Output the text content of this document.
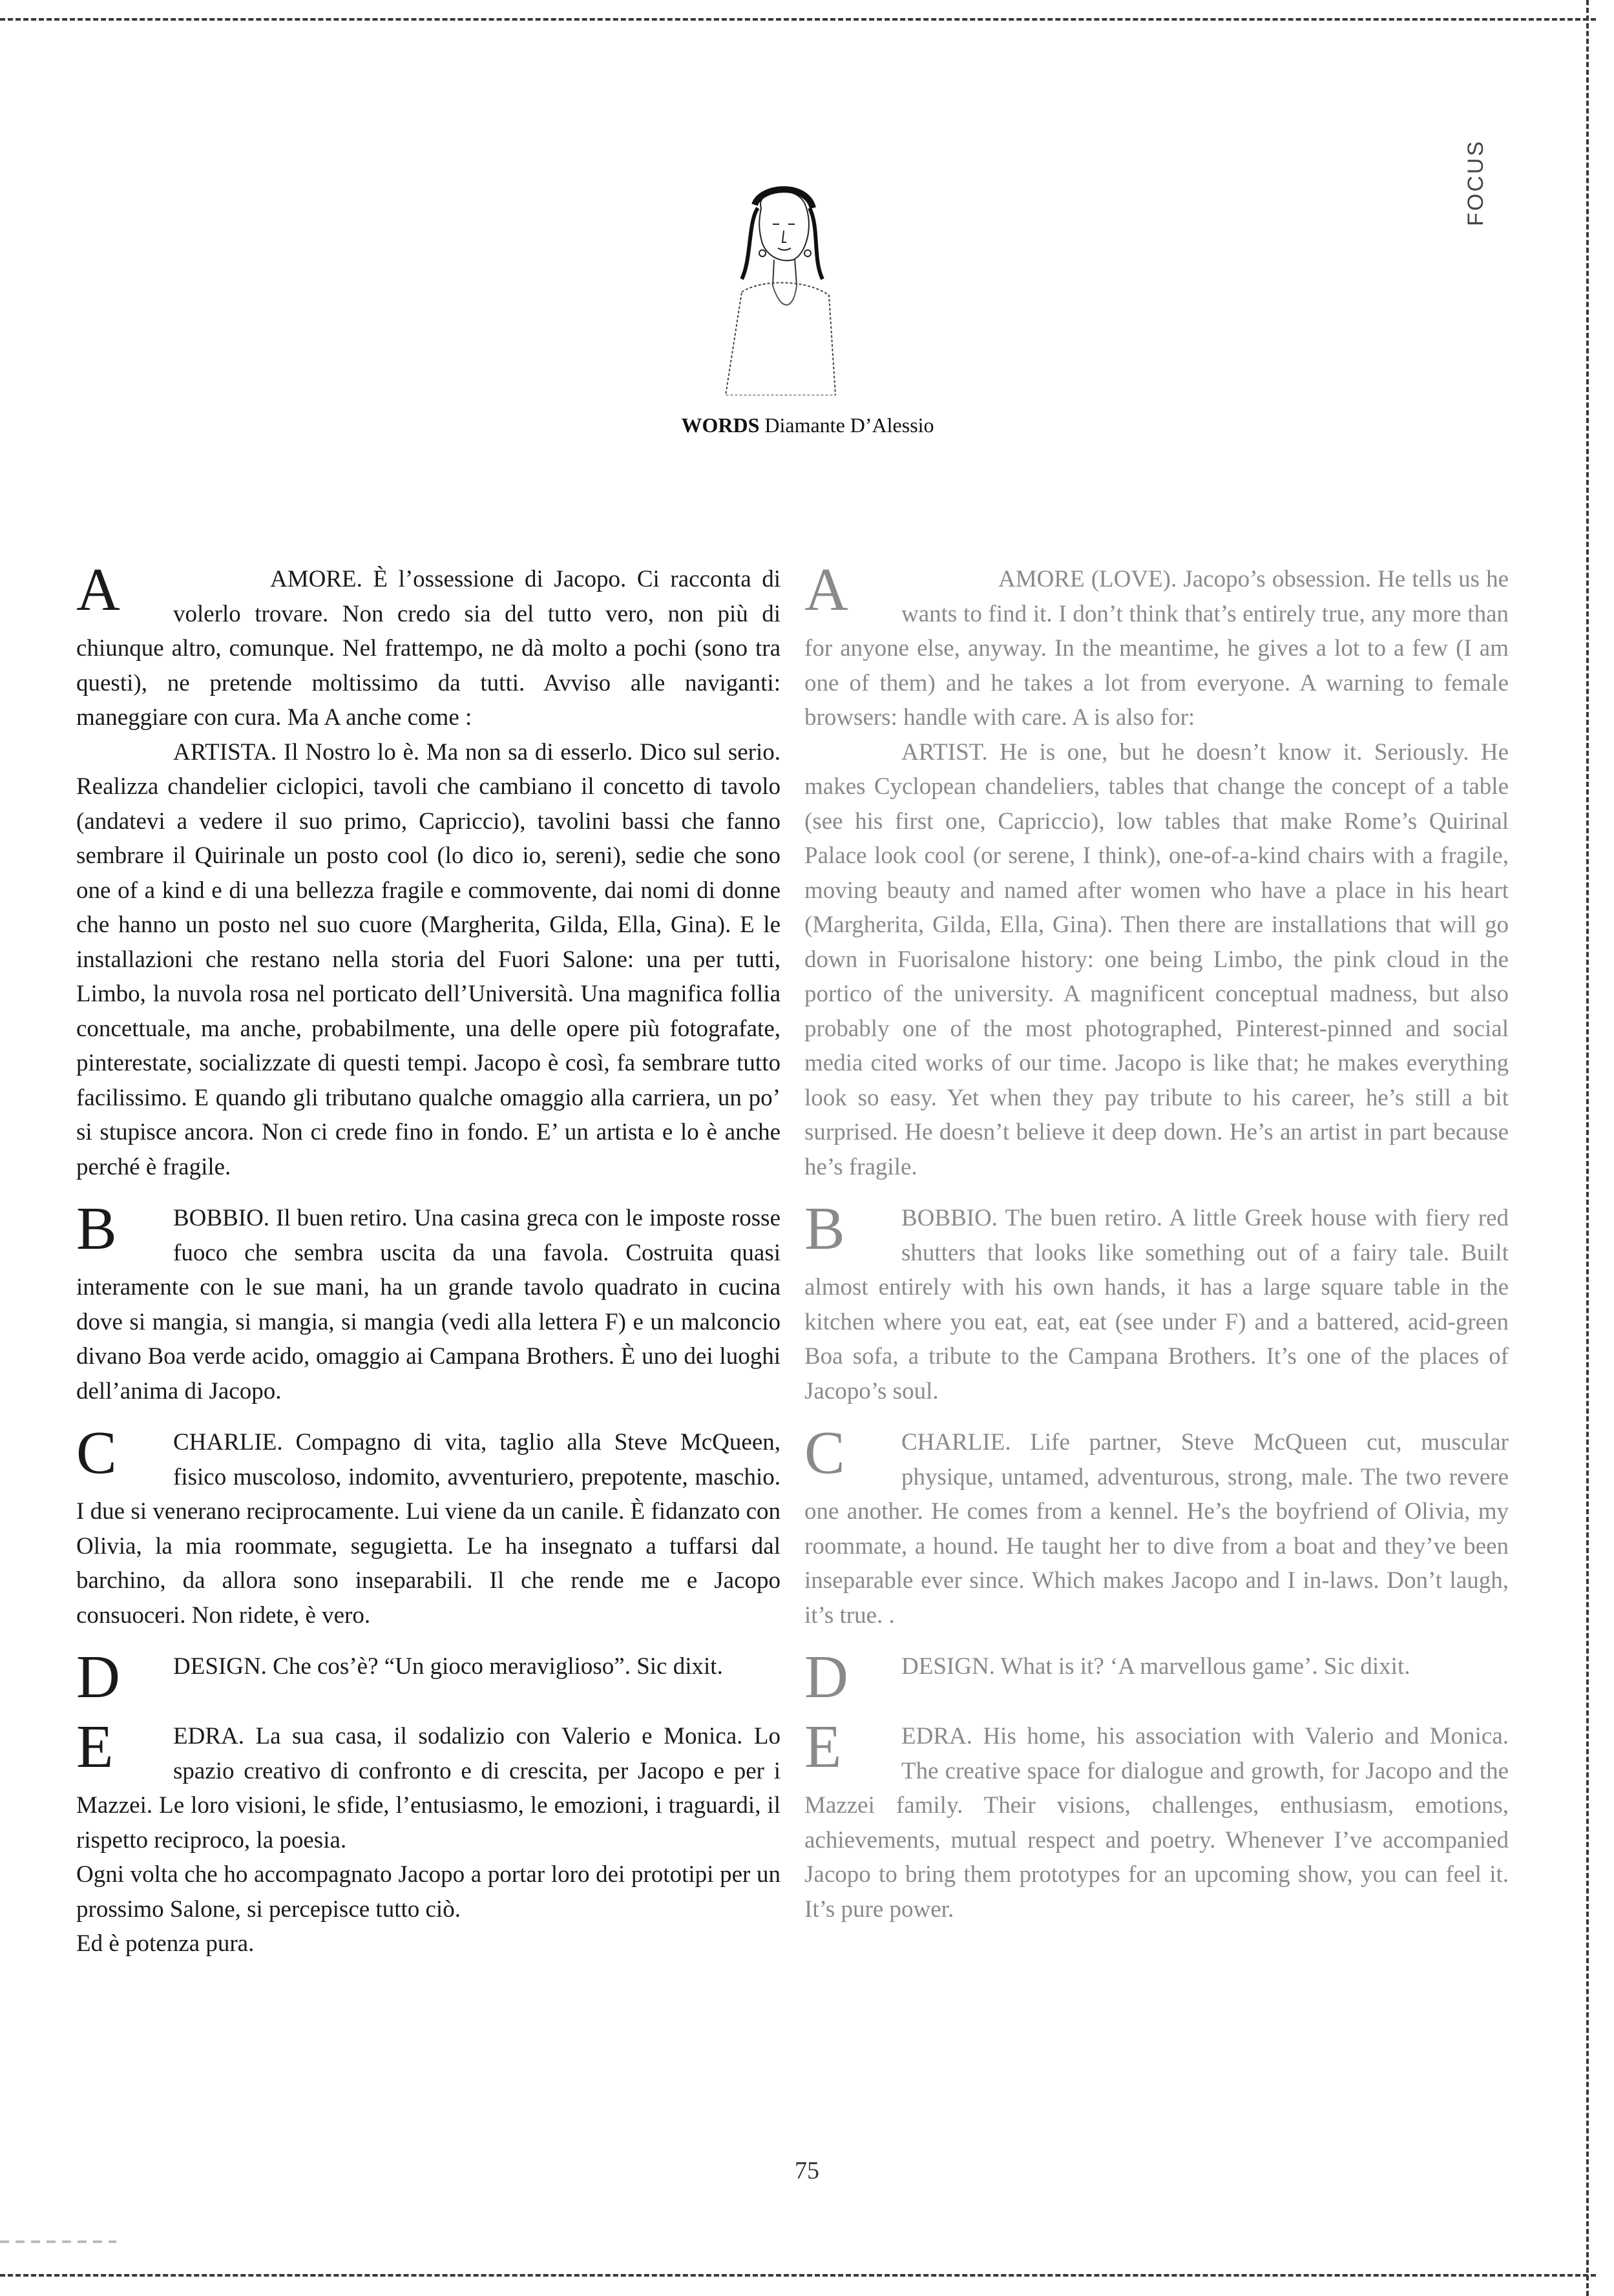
FOCUS
WORDS Diamante D’Alessio
A	AMORE. È l’ossessione di Jacopo. Ci racconta di volerlo trovare. Non credo sia del tutto vero, non più di chiunque altro, comunque. Nel frattempo, ne dà molto a pochi (sono tra questi), ne pretende moltissimo da tutti. Avviso alle naviganti: maneggiare con cura. Ma A anche come :

ARTISTA. Il Nostro lo è. Ma non sa di esserlo. Dico sul serio. Realizza chandelier ciclopici, tavoli che cambiano il concetto di tavolo (andatevi a vedere il suo primo, Capriccio), tavolini bassi che fanno sembrare il Quirinale un posto cool (lo dico io, sereni), sedie che sono one of a kind e di una bellezza fragile e commovente, dai nomi di donne che hanno un posto nel suo cuore (Margherita, Gilda, Ella, Gina). E le installazioni che restano nella storia del Fuori Salone: una per tutti, Limbo, la nuvola rosa nel porticato dell’Università. Una magnifica follia concettuale, ma anche, probabilmente, una delle opere più fotografate, pinterestate, socializzate di questi tempi. Jacopo è così, fa sembrare tutto facilissimo. E quando gli tributano qualche omaggio alla carriera, un po’ si stupisce ancora. Non ci crede fino in fondo. E’ un artista e lo è anche perché è fragile.

B	BOBBIO. Il buen retiro. Una casina greca con le imposte rosse fuoco che sembra uscita da una favola. Costruita quasi interamente con le sue mani, ha un grande tavolo quadrato in cucina dove si mangia, si mangia, si mangia (vedi alla lettera F) e un malconcio divano Boa verde acido, omaggio ai Campana Brothers. È uno dei luoghi dell’anima di Jacopo.

C	CHARLIE. Compagno di vita, taglio alla Steve McQueen, fisico muscoloso, indomito, avventuriero, prepotente, maschio. I due si venerano reciprocamente. Lui viene da un canile. È fidanzato con Olivia, la mia roommate, segugietta. Le ha insegnato a tuffarsi dal barchino, da allora sono inseparabili. Il che rende me e Jacopo consuoceri. Non ridete, è vero.

D	DESIGN. Che cos’è? “Un gioco meraviglioso”. Sic dixit.

E	EDRA. La sua casa, il sodalizio con Valerio e Monica. Lo spazio creativo di confronto e di crescita, per Jacopo e per i Mazzei. Le loro visioni, le sfide, l’entusiasmo, le emozioni, i traguardi, il rispetto reciproco, la poesia.

Ogni volta che ho accompagnato Jacopo a portar loro dei prototipi per un prossimo Salone, si percepisce tutto ciò.

Ed è potenza pura.

A	AMORE (LOVE). Jacopo’s obsession. He tells us he wants to find it. I don’t think that’s entirely true, any more than for anyone else, anyway. In the meantime, he gives a lot to a few (I am one of them) and he takes a lot from everyone. A warning to female browsers: handle with care. A is also for:

ARTIST. He is one, but he doesn’t know it. Seriously. He makes Cyclopean chandeliers, tables that change the concept of a table (see his first one, Capriccio), low tables that make Rome’s Quirinal Palace look cool (or serene, I think), one-of-a-kind chairs with a fragile, moving beauty and named after women who have a place in his heart (Margherita, Gilda, Ella, Gina). Then there are installations that will go down in Fuorisalone history: one being Limbo, the pink cloud in the portico of the university. A magnificent conceptual madness, but also probably one of the most photographed, Pinterest-pinned and social media cited works of our time. Jacopo is like that; he makes everything look so easy. Yet when they pay tribute to his career, he’s still a bit surprised. He doesn’t believe it deep down. He’s an artist in part because he’s fragile.

B	BOBBIO. The buen retiro. A little Greek house with fiery red shutters that looks like something out of a fairy tale. Built almost entirely with his own hands, it has a large square table in the kitchen where you eat, eat, eat (see under F) and a battered, acid-green Boa sofa, a tribute to the Campana Brothers. It’s one of the places of Jacopo’s soul.

C	CHARLIE. Life partner, Steve McQueen cut, muscular physique, untamed, adventurous, strong, male. The two revere one another. He comes from a kennel. He’s the boyfriend of Olivia, my roommate, a hound. He taught her to dive from a boat and they’ve been inseparable ever since. Which makes Jacopo and I in-laws. Don’t laugh, it’s true. .

D	DESIGN. What is it? ‘A marvellous game’. Sic dixit.

E	EDRA. His home, his association with Valerio and Monica. The creative space for dialogue and growth, for Jacopo and the Mazzei family. Their visions, challenges, enthusiasm, emotions, achievements, mutual respect and poetry. Whenever I’ve accompanied Jacopo to bring them prototypes for an upcoming show, you can feel it. It’s pure power.

75
